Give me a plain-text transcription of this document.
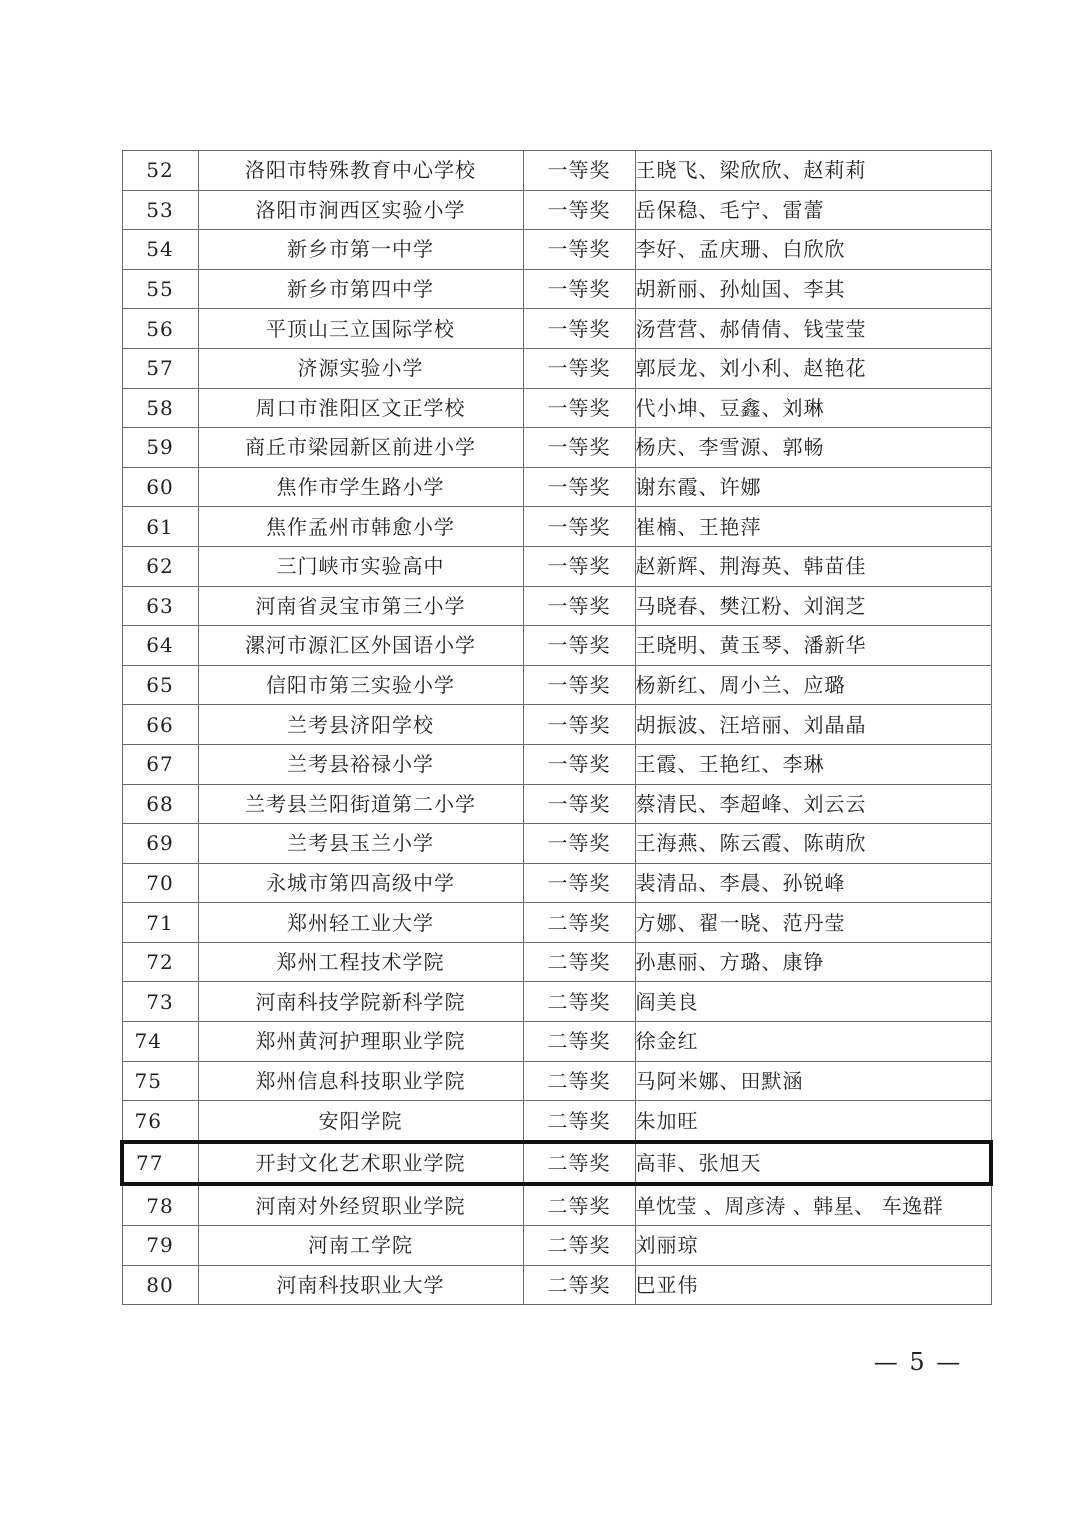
52	洛阳市特殊教育中心学校	一等奖	王晓飞、梁欣欣、赵莉莉
53	洛阳市涧西区实验小学	一等奖	岳保稳、毛宁、雷蕾
54	新乡市第一中学	一等奖	李好、孟庆珊、白欣欣
55	新乡市第四中学	一等奖	胡新丽、孙灿国、李其
56	平顶山三立国际学校	一等奖	汤营营、郝倩倩、钱莹莹
57	济源实验小学	一等奖	郭辰龙、刘小利、赵艳花
58	周口市淮阳区文正学校	一等奖	代小坤、豆鑫、刘琳
59	商丘市梁园新区前进小学	一等奖	杨庆、李雪源、郭畅
60	焦作市学生路小学	一等奖	谢东霞、许娜
61	焦作孟州市韩愈小学	一等奖	崔楠、王艳萍
62	三门峡市实验高中	一等奖	赵新辉、荆海英、韩苗佳
63	河南省灵宝市第三小学	一等奖	马晓春、樊江粉、刘润芝
64	漯河市源汇区外国语小学	一等奖	王晓明、黄玉琴、潘新华
65	信阳市第三实验小学	一等奖	杨新红、周小兰、应璐
66	兰考县济阳学校	一等奖	胡振波、汪培丽、刘晶晶
67	兰考县裕禄小学	一等奖	王霞、王艳红、李琳
68	兰考县兰阳街道第二小学	一等奖	蔡清民、李超峰、刘云云
69	兰考县玉兰小学	一等奖	王海燕、陈云霞、陈萌欣
70	永城市第四高级中学	一等奖	裴清品、李晨、孙锐峰
71	郑州轻工业大学	二等奖	方娜、翟一晓、范丹莹
72	郑州工程技术学院	二等奖	孙惠丽、方璐、康铮
73	河南科技学院新科学院	二等奖	阎美良
74	郑州黄河护理职业学院	二等奖	徐金红
75	郑州信息科技职业学院	二等奖	马阿米娜、田默涵
76	安阳学院	二等奖	朱加旺
77	开封文化艺术职业学院	二等奖	高菲、张旭天
78	河南对外经贸职业学院	二等奖	单忱莹 、周彦涛 、韩星、 车逸群
79	河南工学院	二等奖	刘丽琼
80	河南科技职业大学	二等奖	巴亚伟
— 5 —
